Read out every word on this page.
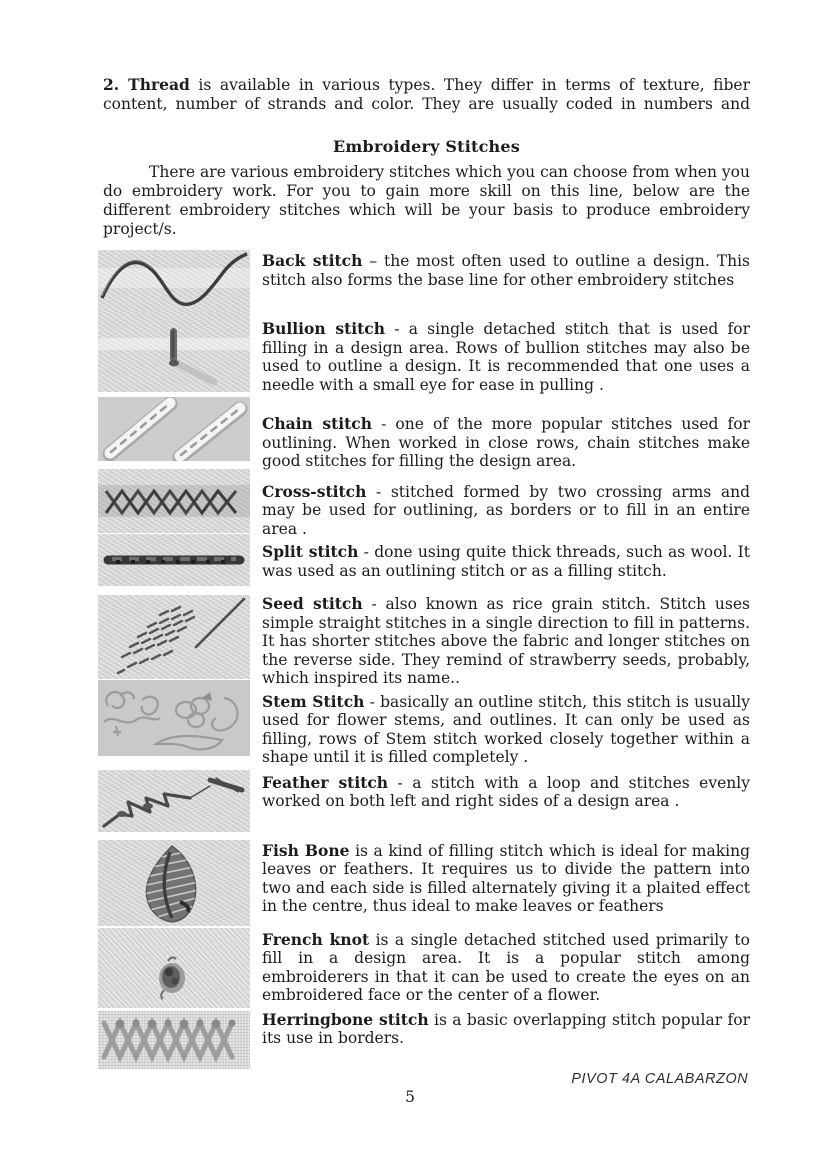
2. Thread is available in various types. They differ in terms of texture, fiber content, number of strands and color. They are usually coded in numbers and

Embroidery Stitches

There are various embroidery stitches which you can choose from when you do embroidery work. For you to gain more skill on this line, below are the different embroidery stitches which will be your basis to produce embroidery project/s.

Back stitch – the most often used to outline a design. This stitch also forms the base line for other embroidery stitches

Bullion stitch - a single detached stitch that is used for filling in a design area. Rows of bullion stitches may also be used to outline a design. It is recommended that one uses a needle with a small eye for ease in pulling .

Chain stitch - one of the more popular stitches used for outlining. When worked in close rows, chain stitches make good stitches for filling the design area.

Cross-stitch - stitched formed by two crossing arms and may be used for outlining, as borders or to fill in an entire area .

Split stitch - done using quite thick threads, such as wool. It was used as an outlining stitch or as a filling stitch.

Seed stitch - also known as rice grain stitch. Stitch uses simple straight stitches in a single direction to fill in patterns. It has shorter stitches above the fabric and longer stitches on the reverse side. They remind of strawberry seeds, probably, which inspired its name..

Stem Stitch - basically an outline stitch, this stitch is usually used for flower stems, and outlines. It can only be used as filling, rows of Stem stitch worked closely together within a shape until it is filled completely .

Feather stitch - a stitch with a loop and stitches evenly worked on both left and right sides of a design area .

Fish Bone is a kind of filling stitch which is ideal for making leaves or feathers. It requires us to divide the pattern into two and each side is filled alternately giving it a plaited effect in the centre, thus ideal to make leaves or feathers

French knot is a single detached stitched used primarily to fill in a design area. It is a popular stitch among embroiderers in that it can be used to create the eyes on an embroidered face or the center of a flower.

Herringbone stitch is a basic overlapping stitch popular for its use in borders.

PIVOT 4A CALABARZON
5
